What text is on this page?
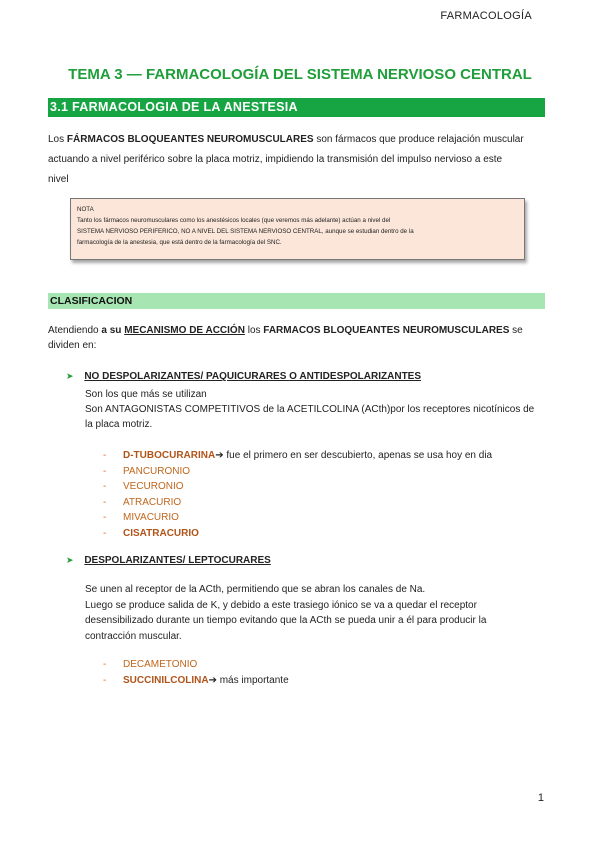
FARMACOLOGÍA
TEMA 3 — FARMACOLOGÍA DEL SISTEMA NERVIOSO CENTRAL
3.1 FARMACOLOGIA DE LA ANESTESIA
Los FÁRMACOS BLOQUEANTES NEUROMUSCULARES son fármacos que produce relajación muscular
actuando a nivel periférico sobre la placa motriz, impidiendo la transmisión del impulso nervioso a este
nivel
NOTA
Tanto los fármacos neuromusculares como los anestésicos locales (que veremos más adelante) actúan a nivel del
SISTEMA NERVIOSO PERIFERICO, NO A NIVEL DEL SISTEMA NERVIOSO CENTRAL, aunque se estudian dentro de la
farmacología de la anestesia, que está dentro de la farmacología del SNC.
CLASIFICACION
Atendiendo a su MECANISMO DE ACCIÓN los FARMACOS BLOQUEANTES NEUROMUSCULARES se
dividen en:
➤ NO DESPOLARIZANTES/ PAQUICURARES O ANTIDESPOLARIZANTES
Son los que más se utilizan
Son ANTAGONISTAS COMPETITIVOS de la ACETILCOLINA (ACth)por los receptores nicotínicos de
la placa motriz.
- D-TUBOCURARINA➔ fue el primero en ser descubierto, apenas se usa hoy en dia
- PANCURONIO
- VECURONIO
- ATRACURIO
- MIVACURIO
- CISATRACURIO
➤ DESPOLARIZANTES/ LEPTOCURARES
Se unen al receptor de la ACth, permitiendo que se abran los canales de Na.
Luego se produce salida de K, y debido a este trasiego iónico se va a quedar el receptor
desensibilizado durante un tiempo evitando que la ACth se pueda unir a él para producir la
contracción muscular.
- DECAMETONIO
- SUCCINILCOLINA➔ más importante
1
